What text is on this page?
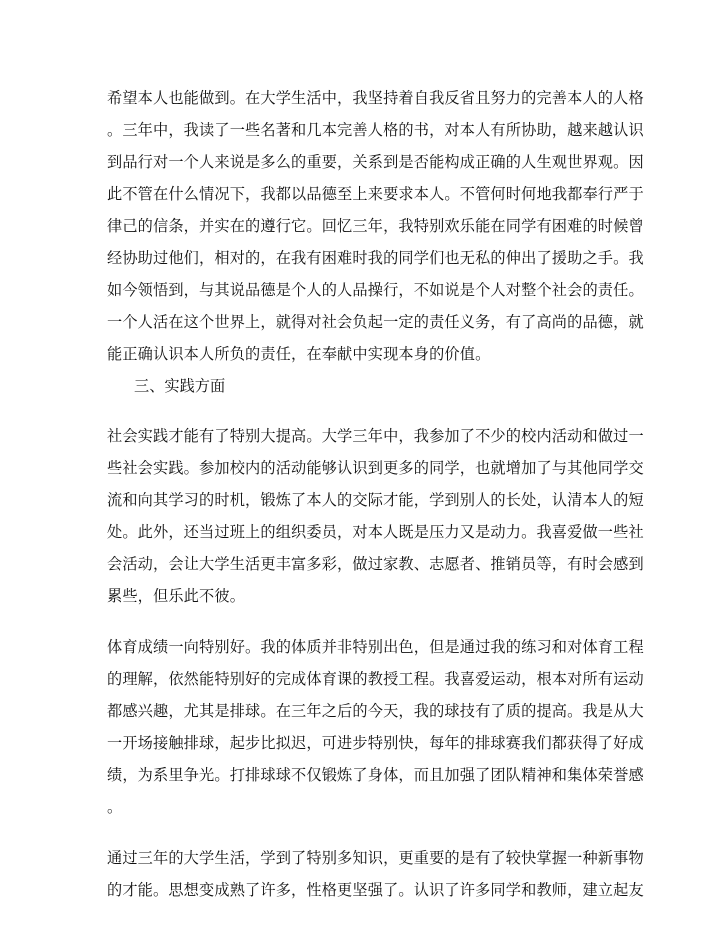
希望本人也能做到。在大学生活中，我坚持着自我反省且努力的完善本人的人格
。三年中，我读了一些名著和几本完善人格的书，对本人有所协助，越来越认识
到品行对一个人来说是多么的重要，关系到是否能构成正确的人生观世界观。因
此不管在什么情况下，我都以品德至上来要求本人。不管何时何地我都奉行严于
律己的信条，并实在的遵行它。回忆三年，我特别欢乐能在同学有困难的时候曾
经协助过他们，相对的，在我有困难时我的同学们也无私的伸出了援助之手。我
如今领悟到，与其说品德是个人的人品操行，不如说是个人对整个社会的责任。
一个人活在这个世界上，就得对社会负起一定的责任义务，有了高尚的品德，就
能正确认识本人所负的责任，在奉献中实现本身的价值。
三、实践方面
社会实践才能有了特别大提高。大学三年中，我参加了不少的校内活动和做过一
些社会实践。参加校内的活动能够认识到更多的同学，也就增加了与其他同学交
流和向其学习的时机，锻炼了本人的交际才能，学到别人的长处，认清本人的短
处。此外，还当过班上的组织委员，对本人既是压力又是动力。我喜爱做一些社
会活动，会让大学生活更丰富多彩，做过家教、志愿者、推销员等，有时会感到
累些，但乐此不彼。
体育成绩一向特别好。我的体质并非特别出色，但是通过我的练习和对体育工程
的理解，依然能特别好的完成体育课的教授工程。我喜爱运动，根本对所有运动
都感兴趣，尤其是排球。在三年之后的今天，我的球技有了质的提高。我是从大
一开场接触排球，起步比拟迟，可进步特别快，每年的排球赛我们都获得了好成
绩，为系里争光。打排球球不仅锻炼了身体，而且加强了团队精神和集体荣誉感
。
通过三年的大学生活，学到了特别多知识，更重要的是有了较快掌握一种新事物
的才能。思想变成熟了许多，性格更坚强了。认识了许多同学和教师，建立起友
